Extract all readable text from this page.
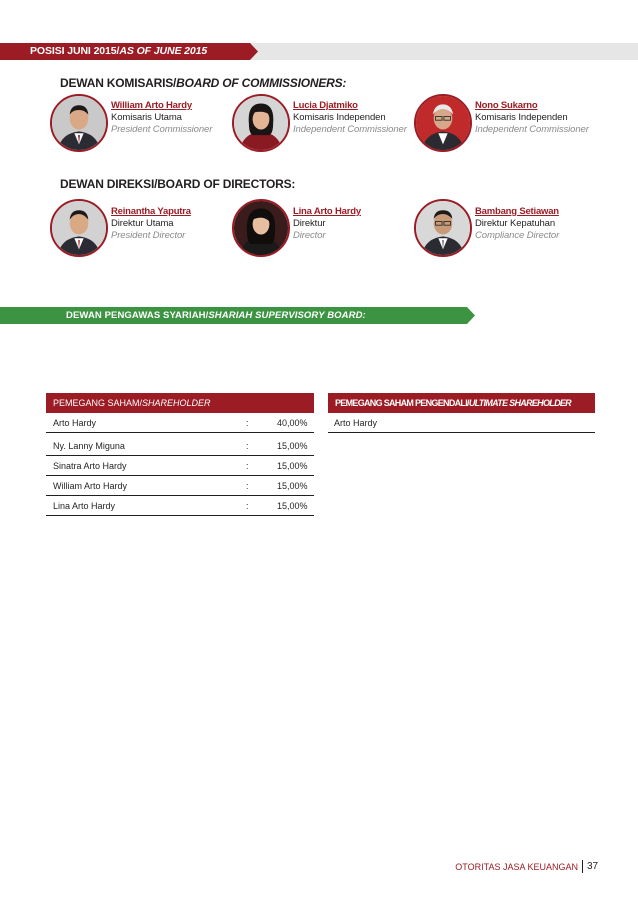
POSISI JUNI 2015/AS OF JUNE 2015
DEWAN KOMISARIS/BOARD OF COMMISSIONERS:
William Arto Hardy
Komisaris Utama
President Commissioner
Lucia Djatmiko
Komisaris Independen
Independent Commissioner
Nono Sukarno
Komisaris Independen
Independent Commissioner
DEWAN DIREKSI/BOARD OF DIRECTORS:
Reinantha Yaputra
Direktur Utama
President Director
Lina Arto Hardy
Direktur
Director
Bambang Setiawan
Direktur Kepatuhan
Compliance Director
DEWAN PENGAWAS SYARIAH/SHARIAH SUPERVISORY BOARD:
PEMEGANG SAHAM/SHAREHOLDER
Arto Hardy	:	40,00%
Ny. Lanny Miguna	:	15,00%
Sinatra Arto Hardy	:	15,00%
William Arto Hardy	:	15,00%
Lina Arto Hardy	:	15,00%
PEMEGANG SAHAM PENGENDALI/ULTIMATE SHAREHOLDER
Arto Hardy
OTORITAS JASA KEUANGAN 37
